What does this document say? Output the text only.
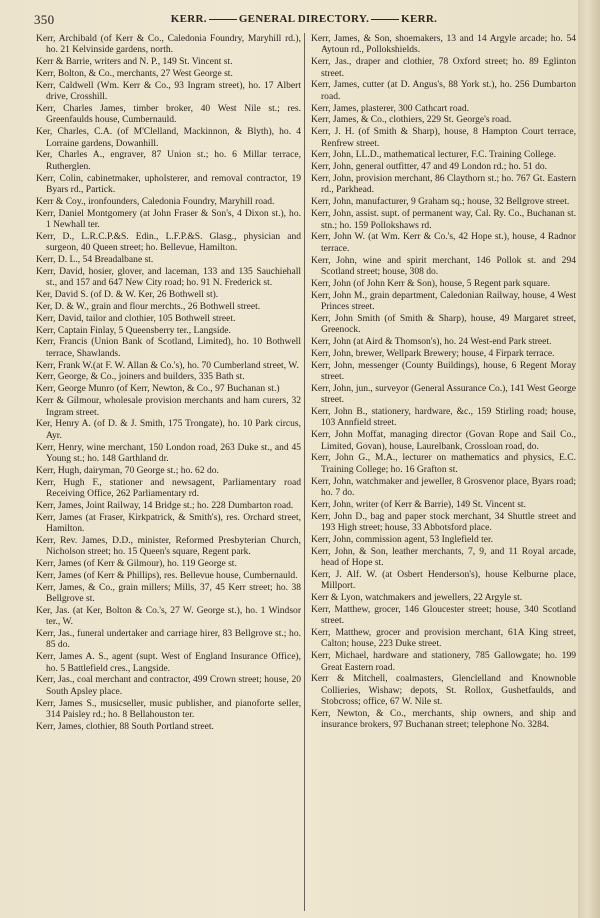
350	KERR.	GENERAL DIRECTORY.	KERR.

Kerr, Archibald (of Kerr & Co., Caledonia Foundry, Maryhill rd.), ho. 21 Kelvinside gardens, north.

Kerr & Barrie, writers and N. P., 149 St. Vincent st.

Kerr, Bolton, & Co., merchants, 27 West George st.

Kerr, Caldwell (Wm. Kerr & Co., 93 Ingram street), ho. 17 Albert drive, Crosshill.

Kerr, Charles James, timber broker, 40 West Nile st.; res. Greenfaulds house, Cumbernauld.

Ker, Charles, C.A. (of M'Clelland, Mackinnon, & Blyth), ho. 4 Lorraine gardens, Dowanhill.

Ker, Charles A., engraver, 87 Union st.; ho. 6 Millar terrace, Rutherglen.

Kerr, Colin, cabinetmaker, upholsterer, and removal contractor, 19 Byars rd., Partick.

Kerr & Coy., ironfounders, Caledonia Foundry, Maryhill road.

Kerr, Daniel Montgomery (at John Fraser & Son's, 4 Dixon st.), ho. 1 Newhall ter.

Kerr, D., L.R.C.P.&S. Edin., L.F.P.&S. Glasg., physician and surgeon, 40 Queen street; ho. Bellevue, Hamilton.

Kerr, D. L., 54 Breadalbane st.

Kerr, David, hosier, glover, and laceman, 133 and 135 Sauchiehall st., and 157 and 647 New City road; ho. 91 N. Frederick st.

Ker, David S. (of D. & W. Ker, 26 Bothwell st).

Ker, D. & W., grain and flour merchts., 26 Bothwell street.

Kerr, David, tailor and clothier, 105 Bothwell street.

Kerr, Captain Finlay, 5 Queensberry ter., Langside.

Kerr, Francis (Union Bank of Scotland, Limited), ho. 10 Bothwell terrace, Shawlands.

Kerr, Frank W.(at F. W. Allan & Co.'s), ho. 70 Cumberland street, W.

Kerr, George, & Co., joiners and builders, 335 Bath st.

Kerr, George Munro (of Kerr, Newton, & Co., 97 Buchanan st.)

Kerr & Gilmour, wholesale provision merchants and ham curers, 32 Ingram street.

Ker, Henry A. (of D. & J. Smith, 175 Trongate), ho. 10 Park circus, Ayr.

Kerr, Henry, wine merchant, 150 London road, 263 Duke st., and 45 Young st.; ho. 148 Garthland dr.

Kerr, Hugh, dairyman, 70 George st.; ho. 62 do.

Kerr, Hugh F., stationer and newsagent, Parliamentary road Receiving Office, 262 Parliamentary rd.

Kerr, James, Joint Railway, 14 Bridge st.; ho. 228 Dumbarton road.

Kerr, James (at Fraser, Kirkpatrick, & Smith's), res. Orchard street, Hamilton.

Kerr, Rev. James, D.D., minister, Reformed Presbyterian Church, Nicholson street; ho. 15 Queen's square, Regent park.

Kerr, James (of Kerr & Gilmour), ho. 119 George st.

Kerr, James (of Kerr & Phillips), res. Bellevue house, Cumbernauld.

Kerr, James, & Co., grain millers; Mills, 37, 45 Kerr street; ho. 38 Bellgrove st.

Ker, Jas. (at Ker, Bolton & Co.'s, 27 W. George st.), ho. 1 Windsor ter., W.

Kerr, Jas., funeral undertaker and carriage hirer, 83 Bellgrove st.; ho. 85 do.

Kerr, James A. S., agent (supt. West of England Insurance Office), ho. 5 Battlefield cres., Langside.

Kerr, Jas., coal merchant and contractor, 499 Crown street; house, 20 South Apsley place.

Kerr, James S., musicseller, music publisher, and pianoforte seller, 314 Paisley rd.; ho. 8 Bellahouston ter.

Kerr, James, clothier, 88 South Portland street.

Kerr, James, & Son, shoemakers, 13 and 14 Argyle arcade; ho. 54 Aytoun rd., Pollokshields.

Kerr, Jas., draper and clothier, 78 Oxford street; ho. 89 Eglinton street.

Kerr, James, cutter (at D. Angus's, 88 York st.), ho. 256 Dumbarton road.

Kerr, James, plasterer, 300 Cathcart road.

Kerr, James, & Co., clothiers, 229 St. George's road.

Kerr, J. H. (of Smith & Sharp), house, 8 Hampton Court terrace, Renfrew street.

Kerr, John, LL.D., mathematical lecturer, F.C. Training College.

Kerr, John, general outfitter, 47 and 49 London rd.; ho. 51 do.

Kerr, John, provision merchant, 86 Claythorn st.; ho. 767 Gt. Eastern rd., Parkhead.

Kerr, John, manufacturer, 9 Graham sq.; house, 32 Bellgrove street.

Kerr, John, assist. supt. of permanent way, Cal. Ry. Co., Buchanan st. stn.; ho. 159 Pollokshaws rd.

Kerr, John W. (at Wm. Kerr & Co.'s, 42 Hope st.), house, 4 Radnor terrace.

Kerr, John, wine and spirit merchant, 146 Pollok st. and 294 Scotland street; house, 308 do.

Kerr, John (of John Kerr & Son), house, 5 Regent park square.

Kerr, John M., grain department, Caledonian Railway, house, 4 West Princes street.

Kerr, John Smith (of Smith & Sharp), house, 49 Margaret street, Greenock.

Kerr, John (at Aird & Thomson's), ho. 24 West-end Park street.

Kerr, John, brewer, Wellpark Brewery; house, 4 Firpark terrace.

Kerr, John, messenger (County Buildings), house, 6 Regent Moray street.

Kerr, John, jun., surveyor (General Assurance Co.), 141 West George street.

Kerr, John B., stationery, hardware, &c., 159 Stirling road; house, 103 Annfield street.

Kerr, John Moffat, managing director (Govan Rope and Sail Co., Limited, Govan), house, Laurelbank, Crossloan road, do.

Kerr, John G., M.A., lecturer on mathematics and physics, E.C. Training College; ho. 16 Grafton st.

Kerr, John, watchmaker and jeweller, 8 Grosvenor place, Byars road; ho. 7 do.

Kerr, John, writer (of Kerr & Barrie), 149 St. Vincent st.

Kerr, John D., bag and paper stock merchant, 34 Shuttle street and 193 High street; house, 33 Abbotsford place.

Kerr, John, commission agent, 53 Inglefield ter.

Kerr, John, & Son, leather merchants, 7, 9, and 11 Royal arcade, head of Hope st.

Kerr, J. Alf. W. (at Osbert Henderson's), house Kelburne place, Millport.

Kerr & Lyon, watchmakers and jewellers, 22 Argyle st.

Kerr, Matthew, grocer, 146 Gloucester street; house, 340 Scotland street.

Kerr, Matthew, grocer and provision merchant, 61A King street, Calton; house, 223 Duke street.

Kerr, Michael, hardware and stationery, 785 Gallowgate; ho. 199 Great Eastern road.

Kerr & Mitchell, coalmasters, Glenclelland and Knownoble Collieries, Wishaw; depots, St. Rollox, Gushetfaulds, and Stobcross; office, 67 W. Nile st.

Kerr, Newton, & Co., merchants, ship owners, and ship and insurance brokers, 97 Buchanan street; telephone No. 3284.
